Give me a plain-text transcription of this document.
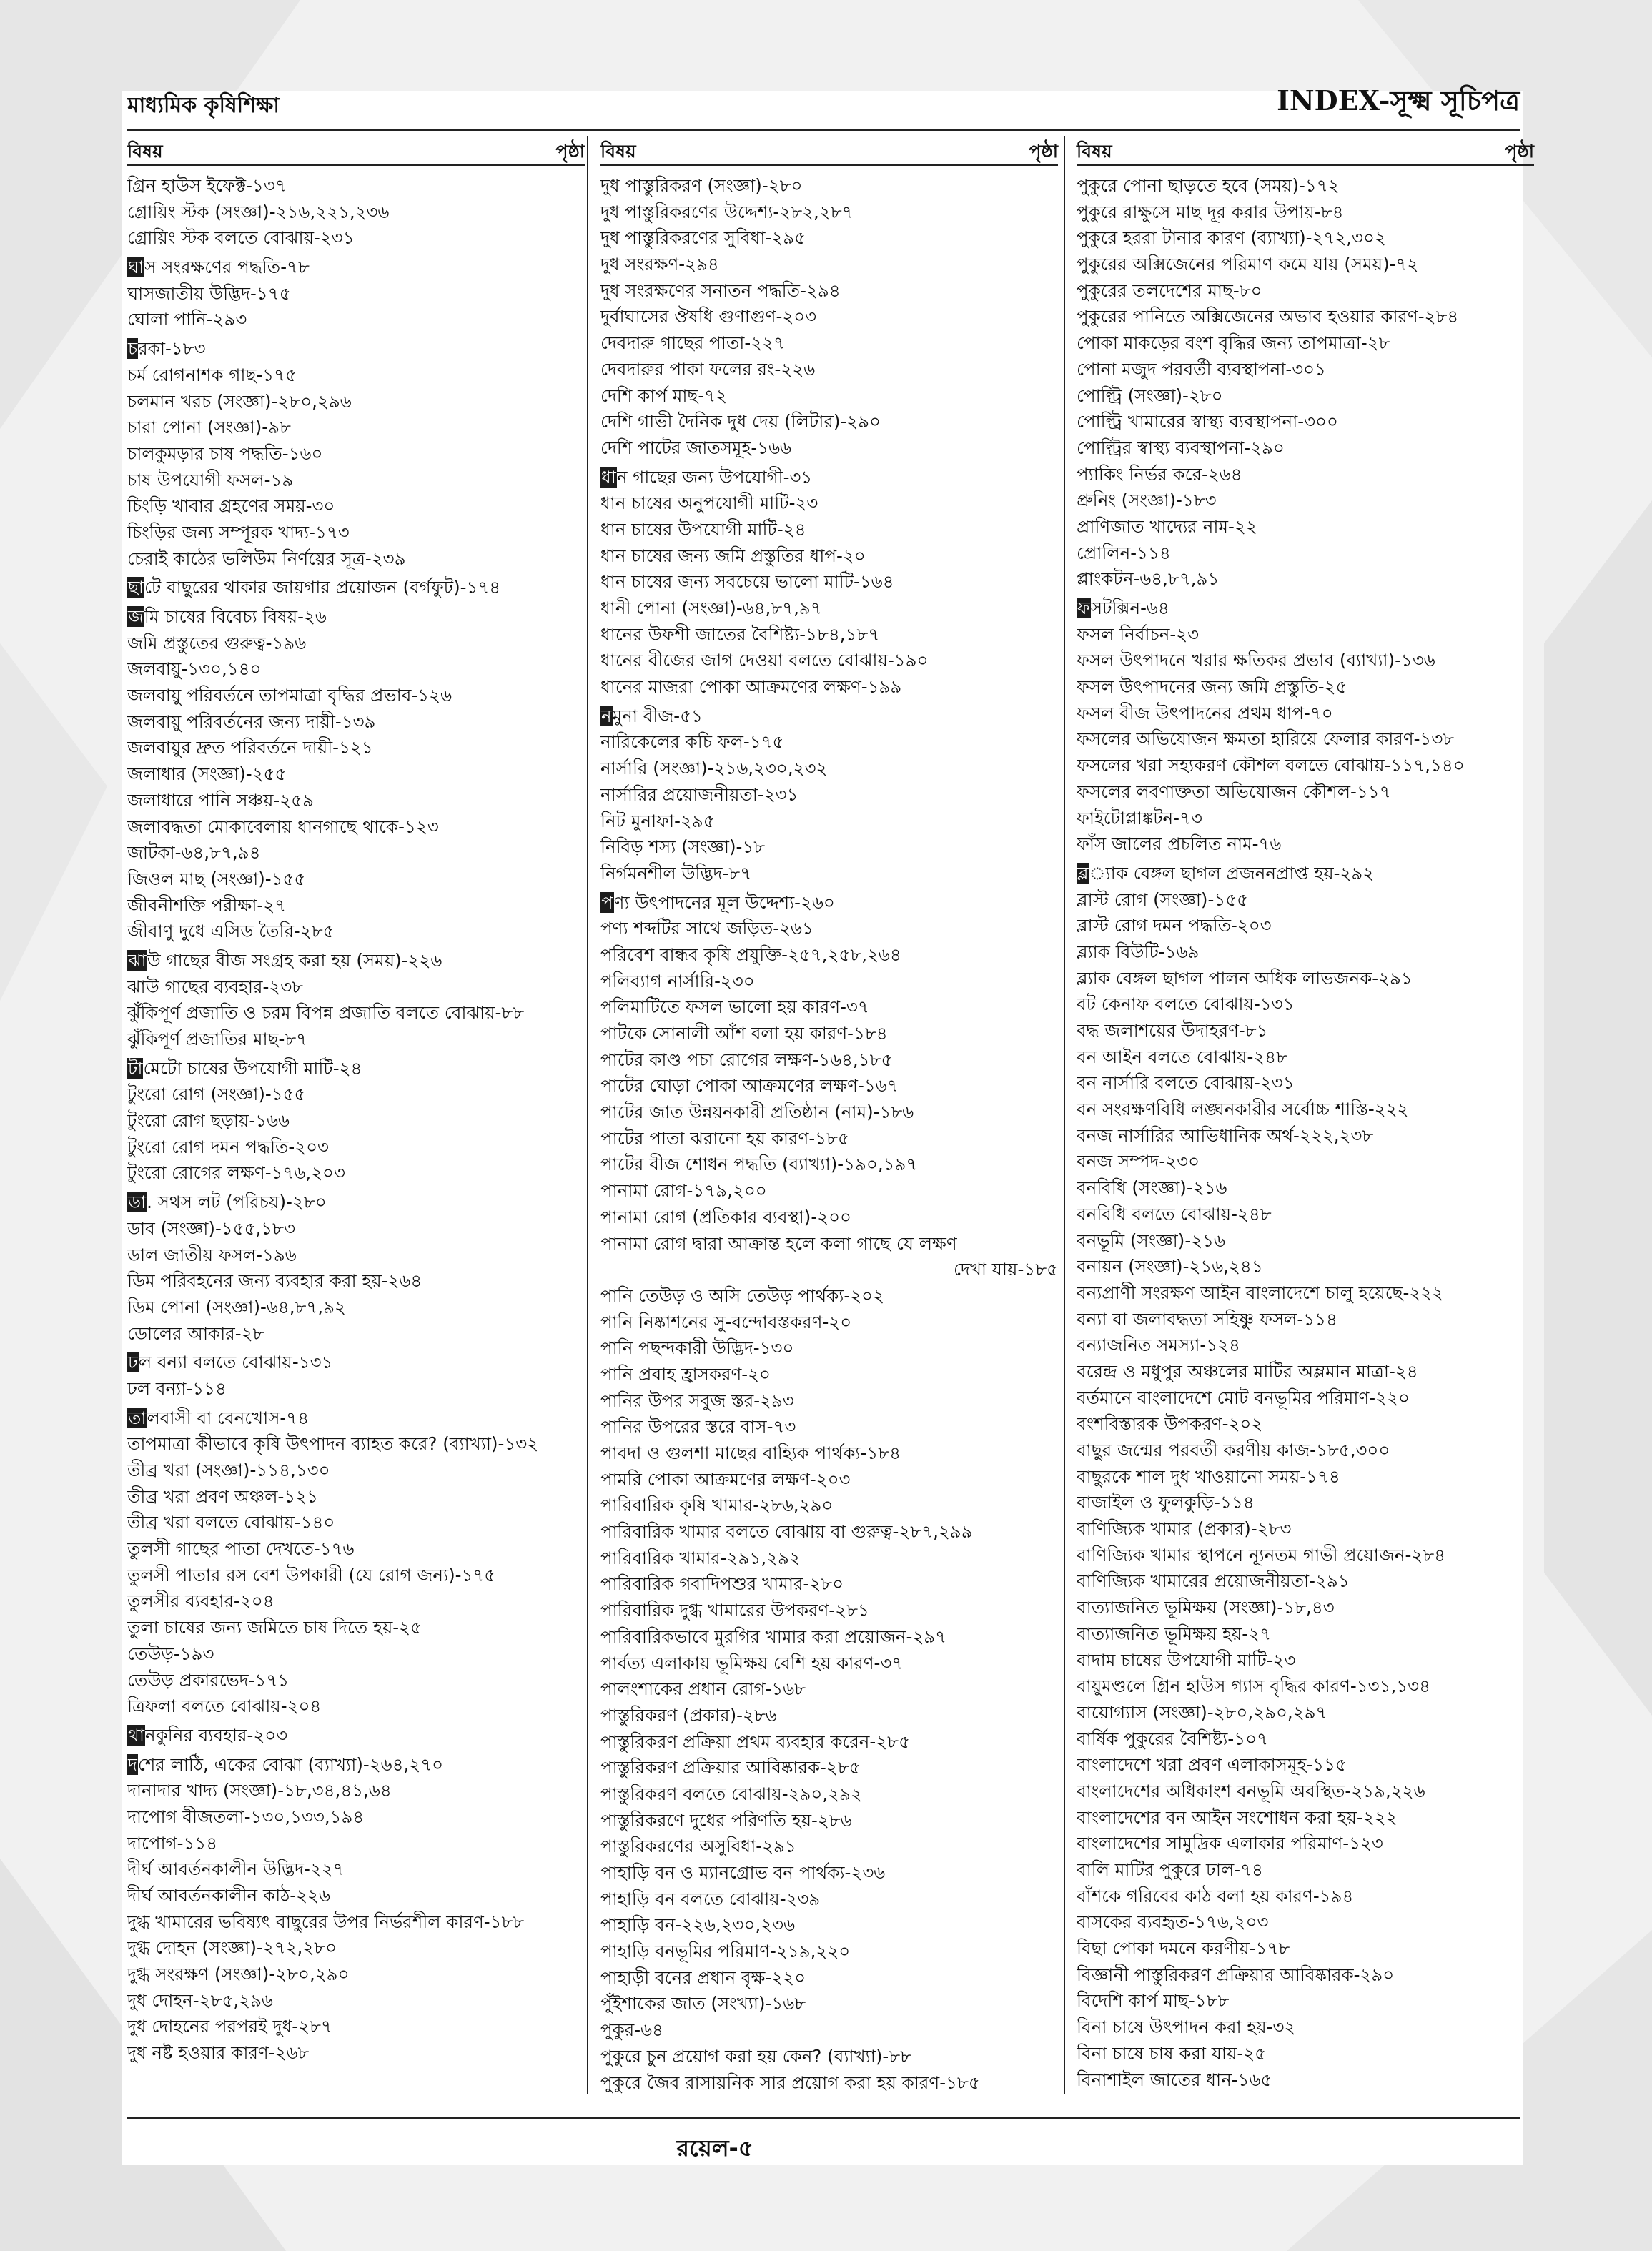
মাধ্যমিক কৃষিশিক্ষা	INDEX-সূক্ষ্ম সূচিপত্র
বিষয়	পৃষ্ঠা
গ্রিন হাউস ইফেক্ট-১৩৭
গ্রোয়িং স্টক (সংজ্ঞা)-২১৬,২২১,২৩৬
গ্রোয়িং স্টক বলতে বোঝায়-২৩১
ঘাস সংরক্ষণের পদ্ধতি-৭৮
ঘাসজাতীয় উদ্ভিদ-১৭৫
ঘোলা পানি-২৯৩
চরকা-১৮৩
চর্ম রোগনাশক গাছ-১৭৫
চলমান খরচ (সংজ্ঞা)-২৮০,২৯৬
চারা পোনা (সংজ্ঞা)-৯৮
চালকুমড়ার চাষ পদ্ধতি-১৬০
চাষ উপযোগী ফসল-১৯
চিংড়ি খাবার গ্রহণের সময়-৩০
চিংড়ির জন্য সম্পূরক খাদ্য-১৭৩
চেরাই কাঠের ভলিউম নির্ণয়ের সূত্র-২৩৯
ছাটে বাছুরের থাকার জায়গার প্রয়োজন (বর্গফুট)-১৭৪
জমি চাষের বিবেচ্য বিষয়-২৬
জমি প্রস্তুতের গুরুত্ব-১৯৬
জলবায়ু-১৩০,১৪০
জলবায়ু পরিবর্তনে তাপমাত্রা বৃদ্ধির প্রভাব-১২৬
জলবায়ু পরিবর্তনের জন্য দায়ী-১৩৯
জলবায়ুর দ্রুত পরিবর্তনে দায়ী-১২১
জলাধার (সংজ্ঞা)-২৫৫
জলাধারে পানি সঞ্চয়-২৫৯
জলাবদ্ধতা মোকাবেলায় ধানগাছে থাকে-১২৩
জাটকা-৬৪,৮৭,৯৪
জিওল মাছ (সংজ্ঞা)-১৫৫
জীবনীশক্তি পরীক্ষা-২৭
জীবাণু দুধে এসিড তৈরি-২৮৫
ঝাউ গাছের বীজ সংগ্রহ করা হয় (সময়)-২২৬
ঝাউ গাছের ব্যবহার-২৩৮
ঝুঁকিপূর্ণ প্রজাতি ও চরম বিপন্ন প্রজাতি বলতে বোঝায়-৮৮
ঝুঁকিপূর্ণ প্রজাতির মাছ-৮৭
টামেটো চাষের উপযোগী মাটি-২৪
টুংরো রোগ (সংজ্ঞা)-১৫৫
টুংরো রোগ ছড়ায়-১৬৬
টুংরো রোগ দমন পদ্ধতি-২০৩
টুংরো রোগের লক্ষণ-১৭৬,২০৩
ডা. সথস লট (পরিচয়)-২৮০
ডাব (সংজ্ঞা)-১৫৫,১৮৩
ডাল জাতীয় ফসল-১৯৬
ডিম পরিবহনের জন্য ব্যবহার করা হয়-২৬৪
ডিম পোনা (সংজ্ঞা)-৬৪,৮৭,৯২
ডোলের আকার-২৮
ঢল বন্যা বলতে বোঝায়-১৩১
ঢল বন্যা-১১৪
তালবাসী বা বেনখোস-৭৪
তাপমাত্রা কীভাবে কৃষি উৎপাদন ব্যাহত করে? (ব্যাখ্যা)-১৩২
তীব্র খরা (সংজ্ঞা)-১১৪,১৩০
তীব্র খরা প্রবণ অঞ্চল-১২১
তীব্র খরা বলতে বোঝায়-১৪০
তুলসী গাছের পাতা দেখতে-১৭৬
তুলসী পাতার রস বেশ উপকারী (যে রোগ জন্য)-১৭৫
তুলসীর ব্যবহার-২০৪
তুলা চাষের জন্য জমিতে চাষ দিতে হয়-২৫
তেউড়-১৯৩
তেউড় প্রকারভেদ-১৭১
ত্রিফলা বলতে বোঝায়-২০৪
থানকুনির ব্যবহার-২০৩
দশের লাঠি, একের বোঝা (ব্যাখ্যা)-২৬৪,২৭০
দানাদার খাদ্য (সংজ্ঞা)-১৮,৩৪,৪১,৬৪
দাপোগ বীজতলা-১৩০,১৩৩,১৯৪
দাপোগ-১১৪
দীর্ঘ আবর্তনকালীন উদ্ভিদ-২২৭
দীর্ঘ আবর্তনকালীন কাঠ-২২৬
দুগ্ধ খামারের ভবিষ্যৎ বাছুরের উপর নির্ভরশীল কারণ-১৮৮
দুগ্ধ দোহন (সংজ্ঞা)-২৭২,২৮০
দুগ্ধ সংরক্ষণ (সংজ্ঞা)-২৮০,২৯০
দুধ দোহন-২৮৫,২৯৬
দুধ দোহনের পরপরই দুধ-২৮৭
দুধ নষ্ট হওয়ার কারণ-২৬৮
বিষয়	পৃষ্ঠা
দুধ পাস্তুরিকরণ (সংজ্ঞা)-২৮০
দুধ পাস্তুরিকরণের উদ্দেশ্য-২৮২,২৮৭
দুধ পাস্তুরিকরণের সুবিধা-২৯৫
দুধ সংরক্ষণ-২৯৪
দুধ সংরক্ষণের সনাতন পদ্ধতি-২৯৪
দুর্বাঘাসের ঔষধি গুণাগুণ-২০৩
দেবদারু গাছের পাতা-২২৭
দেবদারুর পাকা ফলের রং-২২৬
দেশি কার্প মাছ-৭২
দেশি গাভী দৈনিক দুধ দেয় (লিটার)-২৯০
দেশি পাটের জাতসমূহ-১৬৬
ধান গাছের জন্য উপযোগী-৩১
ধান চাষের অনুপযোগী মাটি-২৩
ধান চাষের উপযোগী মাটি-২৪
ধান চাষের জন্য জমি প্রস্তুতির ধাপ-২০
ধান চাষের জন্য সবচেয়ে ভালো মাটি-১৬৪
ধানী পোনা (সংজ্ঞা)-৬৪,৮৭,৯৭
ধানের উফশী জাতের বৈশিষ্ট্য-১৮৪,১৮৭
ধানের বীজের জাগ দেওয়া বলতে বোঝায়-১৯০
ধানের মাজরা পোকা আক্রমণের লক্ষণ-১৯৯
নমুনা বীজ-৫১
নারিকেলের কচি ফল-১৭৫
নার্সারি (সংজ্ঞা)-২১৬,২৩০,২৩২
নার্সারির প্রয়োজনীয়তা-২৩১
নিট মুনাফা-২৯৫
নিবিড় শস্য (সংজ্ঞা)-১৮
নির্গমনশীল উদ্ভিদ-৮৭
পণ্য উৎপাদনের মূল উদ্দেশ্য-২৬০
পণ্য শব্দটির সাথে জড়িত-২৬১
পরিবেশ বান্ধব কৃষি প্রযুক্তি-২৫৭,২৫৮,২৬৪
পলিব্যাগ নার্সারি-২৩০
পলিমাটিতে ফসল ভালো হয় কারণ-৩৭
পাটকে সোনালী আঁশ বলা হয় কারণ-১৮৪
পাটের কাণ্ড পচা রোগের লক্ষণ-১৬৪,১৮৫
পাটের ঘোড়া পোকা আক্রমণের লক্ষণ-১৬৭
পাটের জাত উন্নয়নকারী প্রতিষ্ঠান (নাম)-১৮৬
পাটের পাতা ঝরানো হয় কারণ-১৮৫
পাটের বীজ শোধন পদ্ধতি (ব্যাখ্যা)-১৯০,১৯৭
পানামা রোগ-১৭৯,২০০
পানামা রোগ (প্রতিকার ব্যবস্থা)-২০০
পানামা রোগ দ্বারা আক্রান্ত হলে কলা গাছে যে লক্ষণ
দেখা যায়-১৮৫
পানি তেউড় ও অসি তেউড় পার্থক্য-২০২
পানি নিষ্কাশনের সু-বন্দোবস্তকরণ-২০
পানি পছন্দকারী উদ্ভিদ-১৩০
পানি প্রবাহ হ্রাসকরণ-২০
পানির উপর সবুজ স্তর-২৯৩
পানির উপরের স্তরে বাস-৭৩
পাবদা ও গুলশা মাছের বাহ্যিক পার্থক্য-১৮৪
পামরি পোকা আক্রমণের লক্ষণ-২০৩
পারিবারিক কৃষি খামার-২৮৬,২৯০
পারিবারিক খামার বলতে বোঝায় বা গুরুত্ব-২৮৭,২৯৯
পারিবারিক খামার-২৯১,২৯২
পারিবারিক গবাদিপশুর খামার-২৮০
পারিবারিক দুগ্ধ খামারের উপকরণ-২৮১
পারিবারিকভাবে মুরগির খামার করা প্রয়োজন-২৯৭
পার্বত্য এলাকায় ভূমিক্ষয় বেশি হয় কারণ-৩৭
পালংশাকের প্রধান রোগ-১৬৮
পাস্তুরিকরণ (প্রকার)-২৮৬
পাস্তুরিকরণ প্রক্রিয়া প্রথম ব্যবহার করেন-২৮৫
পাস্তুরিকরণ প্রক্রিয়ার আবিষ্কারক-২৮৫
পাস্তুরিকরণ বলতে বোঝায়-২৯০,২৯২
পাস্তুরিকরণে দুধের পরিণতি হয়-২৮৬
পাস্তুরিকরণের অসুবিধা-২৯১
পাহাড়ি বন ও ম্যানগ্রোভ বন পার্থক্য-২৩৬
পাহাড়ি বন বলতে বোঝায়-২৩৯
পাহাড়ি বন-২২৬,২৩০,২৩৬
পাহাড়ি বনভূমির পরিমাণ-২১৯,২২০
পাহাড়ী বনের প্রধান বৃক্ষ-২২০
পুঁইশাকের জাত (সংখ্যা)-১৬৮
পুকুর-৬৪
পুকুরে চুন প্রয়োগ করা হয় কেন? (ব্যাখ্যা)-৮৮
পুকুরে জৈব রাসায়নিক সার প্রয়োগ করা হয় কারণ-১৮৫
বিষয়	পৃষ্ঠা
পুকুরে পোনা ছাড়তে হবে (সময়)-১৭২
পুকুরে রাক্ষুসে মাছ দূর করার উপায়-৮৪
পুকুরে হররা টানার কারণ (ব্যাখ্যা)-২৭২,৩০২
পুকুরের অক্সিজেনের পরিমাণ কমে যায় (সময়)-৭২
পুকুরের তলদেশের মাছ-৮০
পুকুরের পানিতে অক্সিজেনের অভাব হওয়ার কারণ-২৮৪
পোকা মাকড়ের বংশ বৃদ্ধির জন্য তাপমাত্রা-২৮
পোনা মজুদ পরবর্তী ব্যবস্থাপনা-৩০১
পোল্ট্রি (সংজ্ঞা)-২৮০
পোল্ট্রি খামারের স্বাস্থ্য ব্যবস্থাপনা-৩০০
পোল্ট্রির স্বাস্থ্য ব্যবস্থাপনা-২৯০
প্যাকিং নির্ভর করে-২৬৪
প্রুনিং (সংজ্ঞা)-১৮৩
প্রাণিজাত খাদ্যের নাম-২২
প্রোলিন-১১৪
প্লাংকটন-৬৪,৮৭,৯১
ফসটক্সিন-৬৪
ফসল নির্বাচন-২৩
ফসল উৎপাদনে খরার ক্ষতিকর প্রভাব (ব্যাখ্যা)-১৩৬
ফসল উৎপাদনের জন্য জমি প্রস্তুতি-২৫
ফসল বীজ উৎপাদনের প্রথম ধাপ-৭০
ফসলের অভিযোজন ক্ষমতা হারিয়ে ফেলার কারণ-১৩৮
ফসলের খরা সহ্যকরণ কৌশল বলতে বোঝায়-১১৭,১৪০
ফসলের লবণাক্ততা অভিযোজন কৌশল-১১৭
ফাইটোপ্লাঙ্কটন-৭৩
ফাঁস জালের প্রচলিত নাম-৭৬
ব্ল্যাক বেঙ্গল ছাগল প্রজননপ্রাপ্ত হয়-২৯২
ব্লাস্ট রোগ (সংজ্ঞা)-১৫৫
ব্লাস্ট রোগ দমন পদ্ধতি-২০৩
ব্ল্যাক বিউটি-১৬৯
ব্ল্যাক বেঙ্গল ছাগল পালন অধিক লাভজনক-২৯১
বট কেনাফ বলতে বোঝায়-১৩১
বদ্ধ জলাশয়ের উদাহরণ-৮১
বন আইন বলতে বোঝায়-২৪৮
বন নার্সারি বলতে বোঝায়-২৩১
বন সংরক্ষণবিধি লঙ্ঘনকারীর সর্বোচ্চ শাস্তি-২২২
বনজ নার্সারির আভিধানিক অর্থ-২২২,২৩৮
বনজ সম্পদ-২৩০
বনবিধি (সংজ্ঞা)-২১৬
বনবিধি বলতে বোঝায়-২৪৮
বনভূমি (সংজ্ঞা)-২১৬
বনায়ন (সংজ্ঞা)-২১৬,২৪১
বন্যপ্রাণী সংরক্ষণ আইন বাংলাদেশে চালু হয়েছে-২২২
বন্যা বা জলাবদ্ধতা সহিষ্ণু ফসল-১১৪
বন্যাজনিত সমস্যা-১২৪
বরেন্দ্র ও মধুপুর অঞ্চলের মাটির অম্লমান মাত্রা-২৪
বর্তমানে বাংলাদেশে মোট বনভূমির পরিমাণ-২২০
বংশবিস্তারক উপকরণ-২০২
বাছুর জন্মের পরবর্তী করণীয় কাজ-১৮৫,৩০০
বাছুরকে শাল দুধ খাওয়ানো সময়-১৭৪
বাজাইল ও ফুলকুড়ি-১১৪
বাণিজ্যিক খামার (প্রকার)-২৮৩
বাণিজ্যিক খামার স্থাপনে ন্যূনতম গাভী প্রয়োজন-২৮৪
বাণিজ্যিক খামারের প্রয়োজনীয়তা-২৯১
বাত্যাজনিত ভূমিক্ষয় (সংজ্ঞা)-১৮,৪৩
বাত্যাজনিত ভূমিক্ষয় হয়-২৭
বাদাম চাষের উপযোগী মাটি-২৩
বায়ুমণ্ডলে গ্রিন হাউস গ্যাস বৃদ্ধির কারণ-১৩১,১৩৪
বায়োগ্যাস (সংজ্ঞা)-২৮০,২৯০,২৯৭
বার্ষিক পুকুরের বৈশিষ্ট্য-১০৭
বাংলাদেশে খরা প্রবণ এলাকাসমূহ-১১৫
বাংলাদেশের অধিকাংশ বনভূমি অবস্থিত-২১৯,২২৬
বাংলাদেশের বন আইন সংশোধন করা হয়-২২২
বাংলাদেশের সামুদ্রিক এলাকার পরিমাণ-১২৩
বালি মাটির পুকুরে ঢাল-৭৪
বাঁশকে গরিবের কাঠ বলা হয় কারণ-১৯৪
বাসকের ব্যবহৃত-১৭৬,২০৩
বিছা পোকা দমনে করণীয়-১৭৮
বিজ্ঞানী পাস্তুরিকরণ প্রক্রিয়ার আবিষ্কারক-২৯০
বিদেশি কার্প মাছ-১৮৮
বিনা চাষে উৎপাদন করা হয়-৩২
বিনা চাষে চাষ করা যায়-২৫
বিনাশাইল জাতের ধান-১৬৫
রয়েল-৫
